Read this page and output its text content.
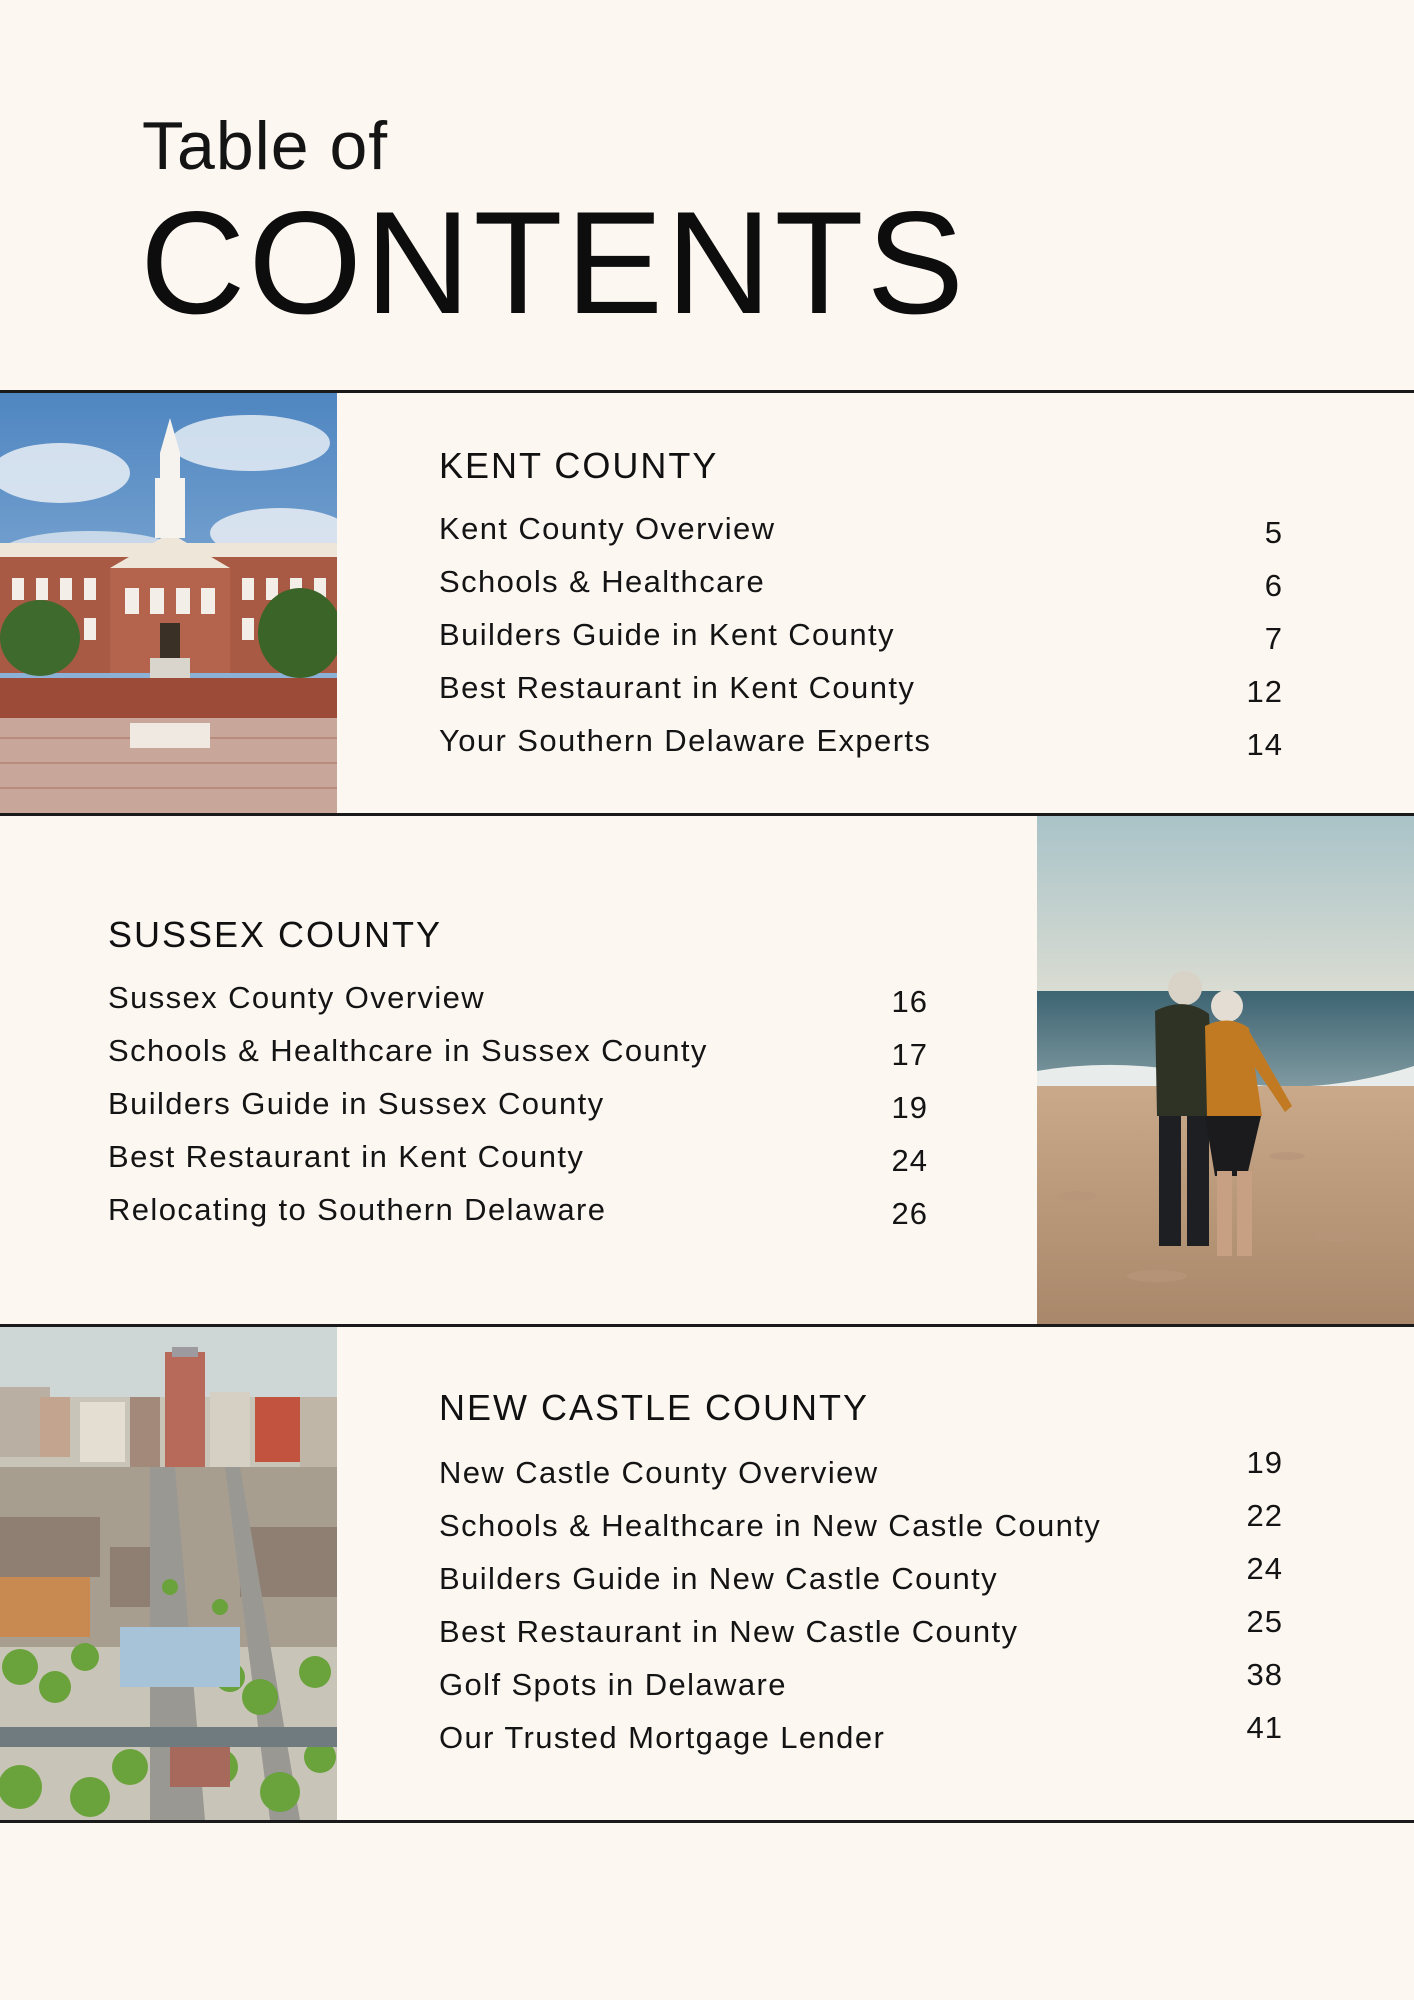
Table of
CONTENTS
KENT COUNTY
Kent County Overview	5
Schools & Healthcare	6
Builders Guide in Kent County	7
Best Restaurant in Kent County	12
Your Southern Delaware Experts	14
SUSSEX COUNTY
Sussex County Overview	16
Schools & Healthcare in Sussex County	17
Builders Guide in Sussex County	19
Best Restaurant in Kent County	24
Relocating to Southern Delaware	26
NEW CASTLE COUNTY
New Castle County Overview	19
Schools & Healthcare in New Castle County	22
Builders Guide in New Castle County	24
Best Restaurant in New Castle County	25
Golf Spots in Delaware	38
Our Trusted Mortgage Lender	41
